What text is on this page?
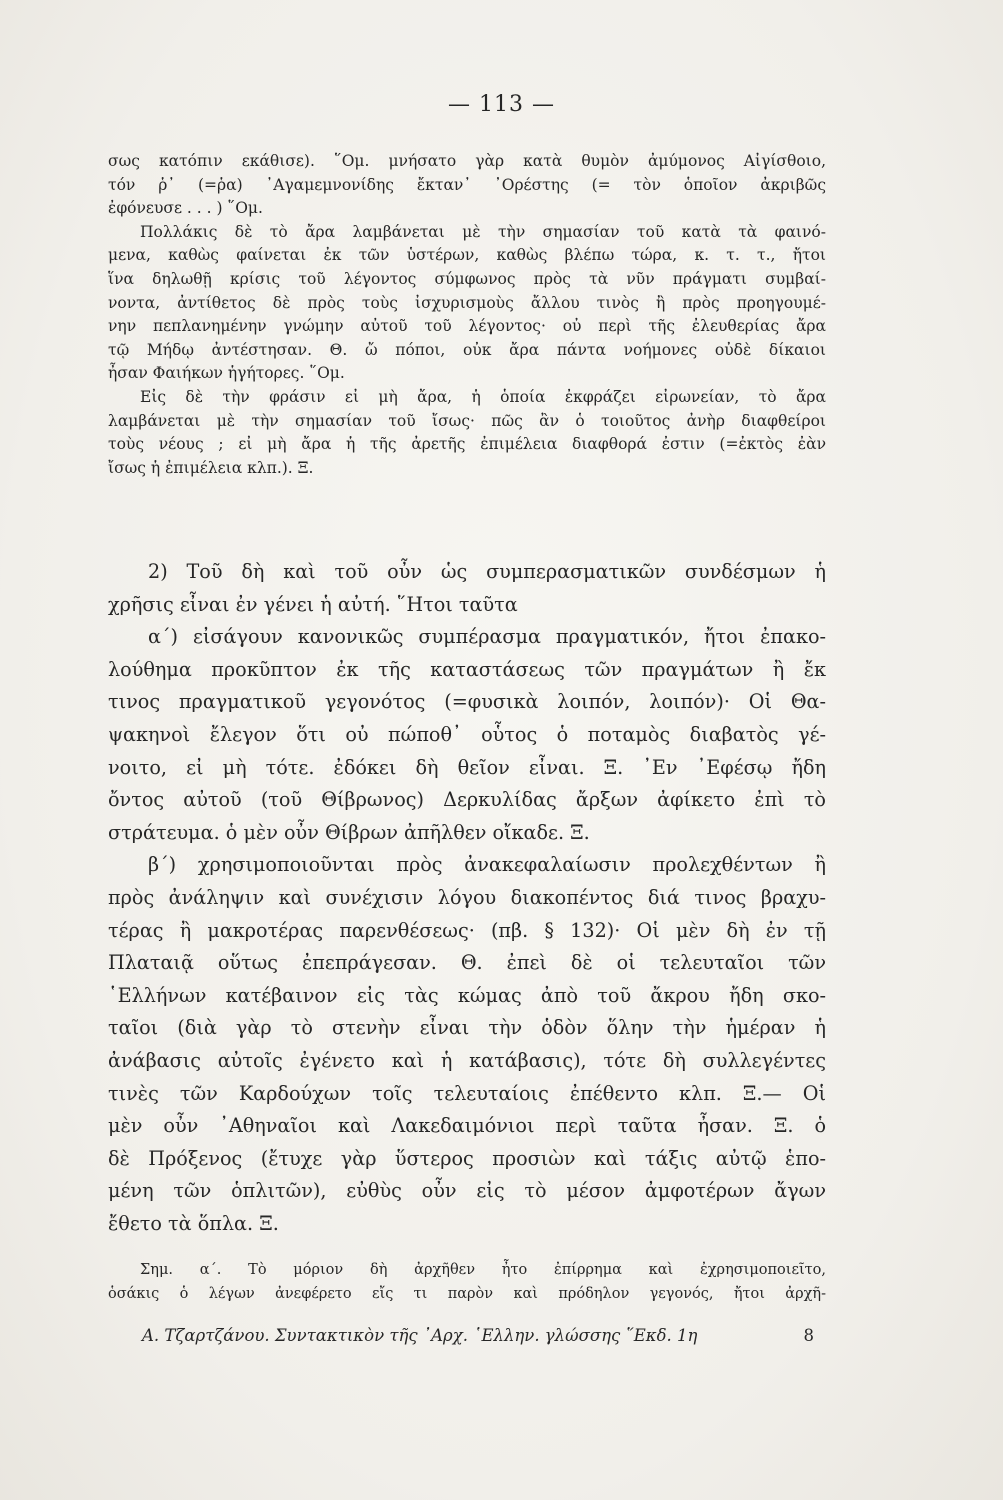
— 113 —
σως κατόπιν εκάθισε). ῞Ομ. μνήσατο γὰρ κατὰ θυμὸν ἀμύμονος Αἰγίσθοιο,
τόν ῥ᾽ (=ῥα) ᾽Αγαμεμνονίδης ἔκταν᾽ ᾽Ορέστης (= τὸν ὁποῖον ἀκριβῶς
ἐφόνευσε . . . ) ῞Ομ.
Πολλάκις δὲ τὸ ἄρα λαμβάνεται μὲ τὴν σημασίαν τοῦ κατὰ τὰ φαινό-
μενα, καθὼς φαίνεται ἐκ τῶν ὑστέρων, καθὼς βλέπω τώρα, κ. τ. τ., ἤτοι
ἵνα δηλωθῇ κρίσις τοῦ λέγοντος σύμφωνος πρὸς τὰ νῦν πράγματι συμβαί-
νοντα, ἀντίθετος δὲ πρὸς τοὺς ἰσχυρισμοὺς ἄλλου τινὸς ἢ πρὸς προηγουμέ-
νην πεπλανημένην γνώμην αὐτοῦ τοῦ λέγοντος· οὐ περὶ τῆς ἐλευθερίας ἄρα
τῷ Μήδῳ ἀντέστησαν. Θ. ὤ πόποι, οὐκ ἄρα πάντα νοήμονες οὐδὲ δίκαιοι
ἦσαν Φαιήκων ἡγήτορες. ῞Ομ.
Εἰς δὲ τὴν φράσιν εἰ μὴ ἄρα, ἡ ὁποία ἐκφράζει εἰρωνείαν, τὸ ἄρα
λαμβάνεται μὲ τὴν σημασίαν τοῦ ἴσως· πῶς ἂν ὁ τοιοῦτος ἀνὴρ διαφθείροι
τοὺς νέους ; εἰ μὴ ἄρα ἡ τῆς ἀρετῆς ἐπιμέλεια διαφθορά ἐστιν (=ἐκτὸς ἐὰν
ἴσως ἡ ἐπιμέλεια κλπ.). Ξ.
2) Τοῦ δὴ καὶ τοῦ οὖν ὡς συμπερασματικῶν συνδέσμων ἡ
χρῆσις εἶναι ἐν γένει ἡ αὐτή. ῞Ητοι ταῦτα
α´) εἰσάγουν κανονικῶς συμπέρασμα πραγματικόν, ἤτοι ἐπακο-
λούθημα προκῦπτον ἐκ τῆς καταστάσεως τῶν πραγμάτων ἢ ἔκ
τινος πραγματικοῦ γεγονότος (=φυσικὰ λοιπόν, λοιπόν)· Οἱ Θα-
ψακηνοὶ ἔλεγον ὅτι οὐ πώποθ᾽ οὗτος ὁ ποταμὸς διαβατὸς γέ-
νοιτο, εἰ μὴ τότε. ἐδόκει δὴ θεῖον εἶναι. Ξ. ᾽Εν ᾽Εφέσῳ ἤδη
ὄντος αὐτοῦ (τοῦ Θίβρωνος) Δερκυλίδας ἄρξων ἀφίκετο ἐπὶ τὸ
στράτευμα. ὁ μὲν οὖν Θίβρων ἀπῆλθεν οἴκαδε. Ξ.
β´) χρησιμοποιοῦνται πρὸς ἀνακεφαλαίωσιν προλεχθέντων ἢ
πρὸς ἀνάληψιν καὶ συνέχισιν λόγου διακοπέντος διά τινος βραχυ-
τέρας ἢ μακροτέρας παρενθέσεως· (πβ. § 132)· Οἱ μὲν δὴ ἐν τῇ
Πλαταιᾷ οὕτως ἐπεπράγεσαν. Θ. ἐπεὶ δὲ οἱ τελευταῖοι τῶν
῾Ελλήνων κατέβαινον εἰς τὰς κώμας ἀπὸ τοῦ ἄκρου ἤδη σκο-
ταῖοι (διὰ γὰρ τὸ στενὴν εἶναι τὴν ὁδὸν ὅλην τὴν ἡμέραν ἡ
ἀνάβασις αὐτοῖς ἐγένετο καὶ ἡ κατάβασις), τότε δὴ συλλεγέντες
τινὲς τῶν Καρδούχων τοῖς τελευταίοις ἐπέθεντο κλπ. Ξ.— Οἱ
μὲν οὖν ᾽Αθηναῖοι καὶ Λακεδαιμόνιοι περὶ ταῦτα ἦσαν. Ξ. ὁ
δὲ Πρόξενος (ἔτυχε γὰρ ὕστερος προσιὼν καὶ τάξις αὐτῷ ἑπο-
μένη τῶν ὁπλιτῶν), εὐθὺς οὖν εἰς τὸ μέσον ἀμφοτέρων ἄγων
ἔθετο τὰ ὅπλα. Ξ.
Σημ. α´. Τὸ μόριον δὴ ἀρχῆθεν ἦτο ἐπίρρημα καὶ ἐχρησιμοποιεῖτο,
ὁσάκις ὁ λέγων ἀνεφέρετο εἴς τι παρὸν καὶ πρόδηλον γεγονός, ἤτοι ἀρχῆ-
Α. Τζαρτζάνου. Συντακτικὸν τῆς ᾽Αρχ. ῾Ελλην. γλώσσης ῞Εκδ. 1η	8
